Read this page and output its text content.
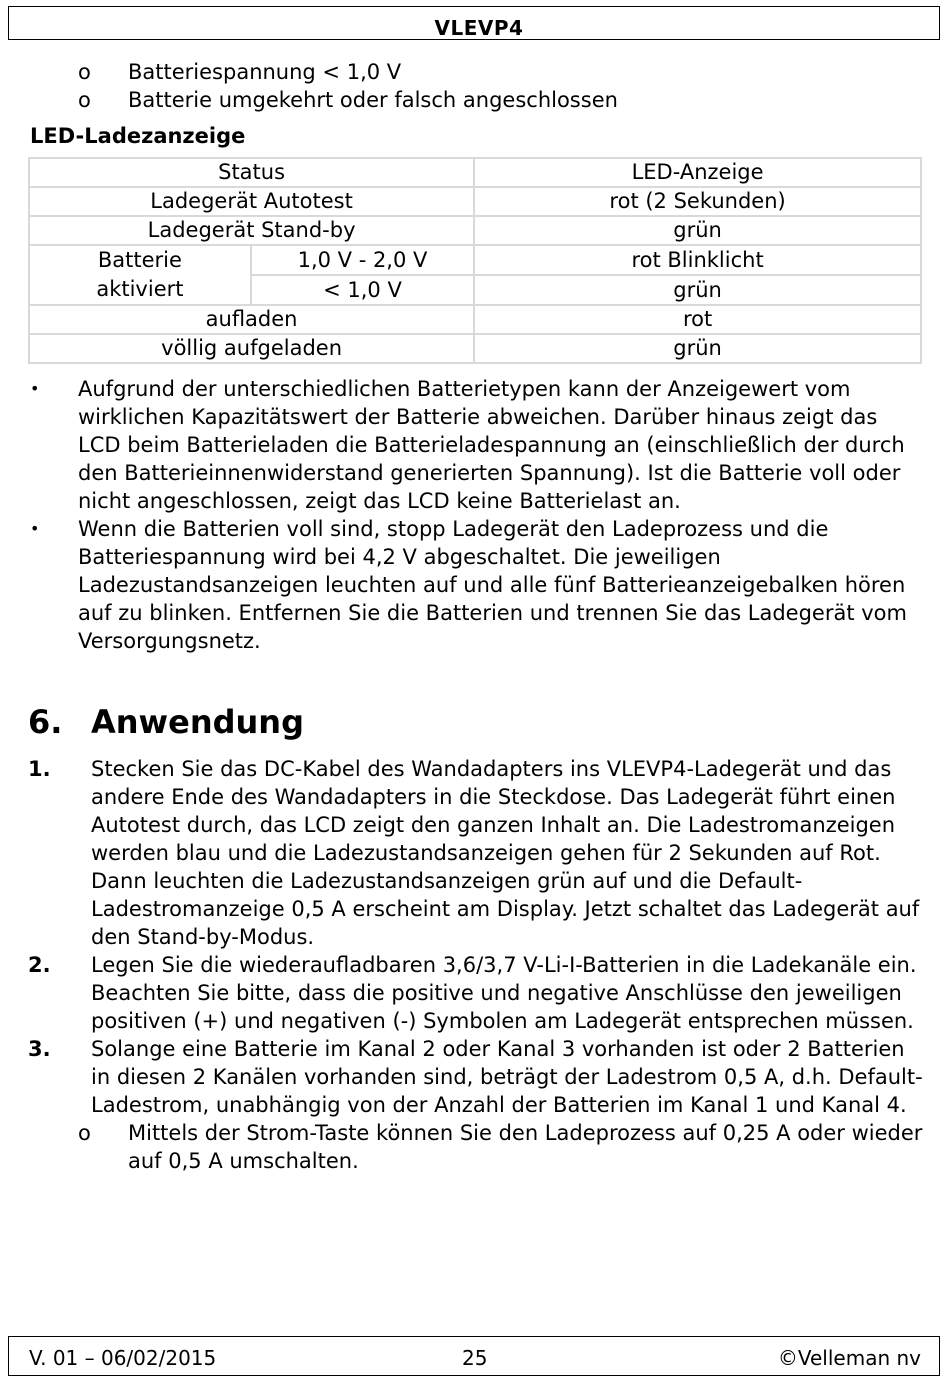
VLEVP4
o Batteriespannung < 1,0 V
o Batterie umgekehrt oder falsch angeschlossen
LED-Ladezanzeige
Status		LED-Anzeige
Ladegerät Autotest		rot (2 Sekunden)
Ladegerät Stand-by		grün
Batterie aktiviert	1,0 V - 2,0 V	rot Blinklicht
	< 1,0 V	grün
aufladen		rot
völlig aufgeladen		grün
• Aufgrund der unterschiedlichen Batterietypen kann der Anzeigewert vom wirklichen Kapazitätswert der Batterie abweichen. Darüber hinaus zeigt das LCD beim Batterieladen die Batterieladespannung an (einschließlich der durch den Batterieinnenwiderstand generierten Spannung). Ist die Batterie voll oder nicht angeschlossen, zeigt das LCD keine Batterielast an.
• Wenn die Batterien voll sind, stopp Ladegerät den Ladeprozess und die Batteriespannung wird bei 4,2 V abgeschaltet. Die jeweiligen Ladezustandsanzeigen leuchten auf und alle fünf Batterieanzeigebalken hören auf zu blinken. Entfernen Sie die Batterien und trennen Sie das Ladegerät vom Versorgungsnetz.
6. Anwendung
1. Stecken Sie das DC-Kabel des Wandadapters ins VLEVP4-Ladegerät und das andere Ende des Wandadapters in die Steckdose. Das Ladegerät führt einen Autotest durch, das LCD zeigt den ganzen Inhalt an. Die Ladestromanzeigen werden blau und die Ladezustandsanzeigen gehen für 2 Sekunden auf Rot. Dann leuchten die Ladezustandsanzeigen grün auf und die Default-Ladestromanzeige 0,5 A erscheint am Display. Jetzt schaltet das Ladegerät auf den Stand-by-Modus.
2. Legen Sie die wiederaufladbaren 3,6/3,7 V-Li-I-Batterien in die Ladekanäle ein. Beachten Sie bitte, dass die positive und negative Anschlüsse den jeweiligen positiven (+) und negativen (-) Symbolen am Ladegerät entsprechen müssen.
3. Solange eine Batterie im Kanal 2 oder Kanal 3 vorhanden ist oder 2 Batterien in diesen 2 Kanälen vorhanden sind, beträgt der Ladestrom 0,5 A, d.h. Default-Ladestrom, unabhängig von der Anzahl der Batterien im Kanal 1 und Kanal 4.
o Mittels der Strom-Taste können Sie den Ladeprozess auf 0,25 A oder wieder auf 0,5 A umschalten.
V. 01 – 06/02/2015	25	©Velleman nv
